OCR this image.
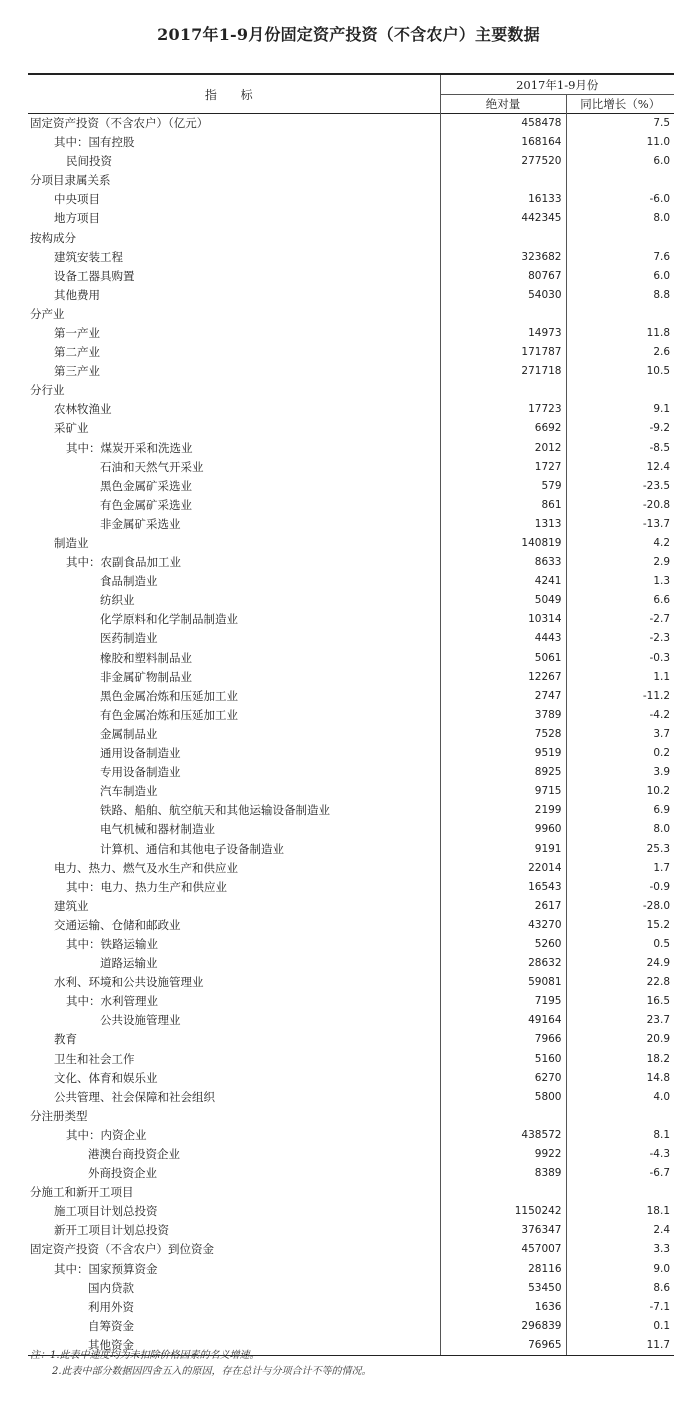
2017年1-9月份固定资产投资（不含农户）主要数据
指 标	2017年1-9月份	
	绝对量	同比增长（%）
固定资产投资（不含农户）（亿元）	458478	7.5
其中：国有控股	168164	11.0
民间投资	277520	6.0
分项目隶属关系		
中央项目	16133	-6.0
地方项目	442345	8.0
按构成分		
建筑安装工程	323682	7.6
设备工器具购置	80767	6.0
其他费用	54030	8.8
分产业		
第一产业	14973	11.8
第二产业	171787	2.6
第三产业	271718	10.5
分行业		
农林牧渔业	17723	9.1
采矿业	6692	-9.2
其中：煤炭开采和洗选业	2012	-8.5
石油和天然气开采业	1727	12.4
黑色金属矿采选业	579	-23.5
有色金属矿采选业	861	-20.8
非金属矿采选业	1313	-13.7
制造业	140819	4.2
其中：农副食品加工业	8633	2.9
食品制造业	4241	1.3
纺织业	5049	6.6
化学原料和化学制品制造业	10314	-2.7
医药制造业	4443	-2.3
橡胶和塑料制品业	5061	-0.3
非金属矿物制品业	12267	1.1
黑色金属冶炼和压延加工业	2747	-11.2
有色金属冶炼和压延加工业	3789	-4.2
金属制品业	7528	3.7
通用设备制造业	9519	0.2
专用设备制造业	8925	3.9
汽车制造业	9715	10.2
铁路、船舶、航空航天和其他运输设备制造业	2199	6.9
电气机械和器材制造业	9960	8.0
计算机、通信和其他电子设备制造业	9191	25.3
电力、热力、燃气及水生产和供应业	22014	1.7
其中：电力、热力生产和供应业	16543	-0.9
建筑业	2617	-28.0
交通运输、仓储和邮政业	43270	15.2
其中：铁路运输业	5260	0.5
道路运输业	28632	24.9
水利、环境和公共设施管理业	59081	22.8
其中：水利管理业	7195	16.5
公共设施管理业	49164	23.7
教育	7966	20.9
卫生和社会工作	5160	18.2
文化、体育和娱乐业	6270	14.8
公共管理、社会保障和社会组织	5800	4.0
分注册类型		
其中：内资企业	438572	8.1
港澳台商投资企业	9922	-4.3
外商投资企业	8389	-6.7
分施工和新开工项目		
施工项目计划总投资	1150242	18.1
新开工项目计划总投资	376347	2.4
固定资产投资（不含农户）到位资金	457007	3.3
其中：国家预算资金	28116	9.0
国内贷款	53450	8.6
利用外资	1636	-7.1
自筹资金	296839	0.1
其他资金	76965	11.7
注：1.此表中速度均为未扣除价格因素的名义增速。
2.此表中部分数据因四舍五入的原因，存在总计与分项合计不等的情况。
